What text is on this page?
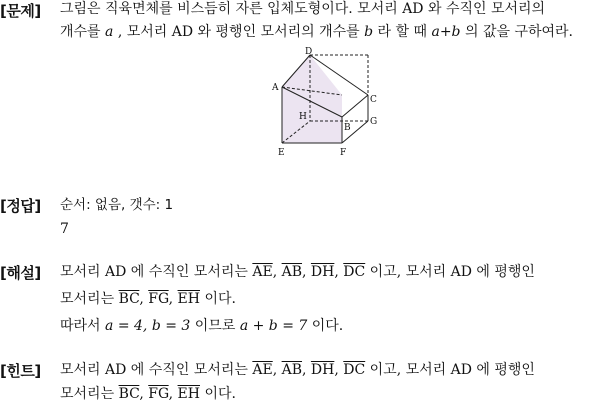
[문제] 그림은 직육면체를 비스듬히 자른 입체도형이다. 모서리 AD 와 수직인 모서리의
개수를 a , 모서리 AD 와 평행인 모서리의 개수를 b 라 할 때 a+b 의 값을 구하여라.
D
A
C
H
B
G
E	F
[정답] 순서: 없음, 갯수: 1
7
[해설] 모서리 AD 에 수직인 모서리는 $\overline{AE}$, $\overline{AB}$, $\overline{DH}$, $\overline{DC}$ 이고, 모서리 AD 에 평행인
모서리는 $\overline{BC}$, $\overline{FG}$, $\overline{EH}$ 이다.
따라서 a = 4, b = 3 이므로 a + b = 7 이다.
[힌트] 모서리 AD 에 수직인 모서리는 $\overline{AE}$, $\overline{AB}$, $\overline{DH}$, $\overline{DC}$ 이고, 모서리 AD 에 평행인
모서리는 $\overline{BC}$, $\overline{FG}$, $\overline{EH}$ 이다.
